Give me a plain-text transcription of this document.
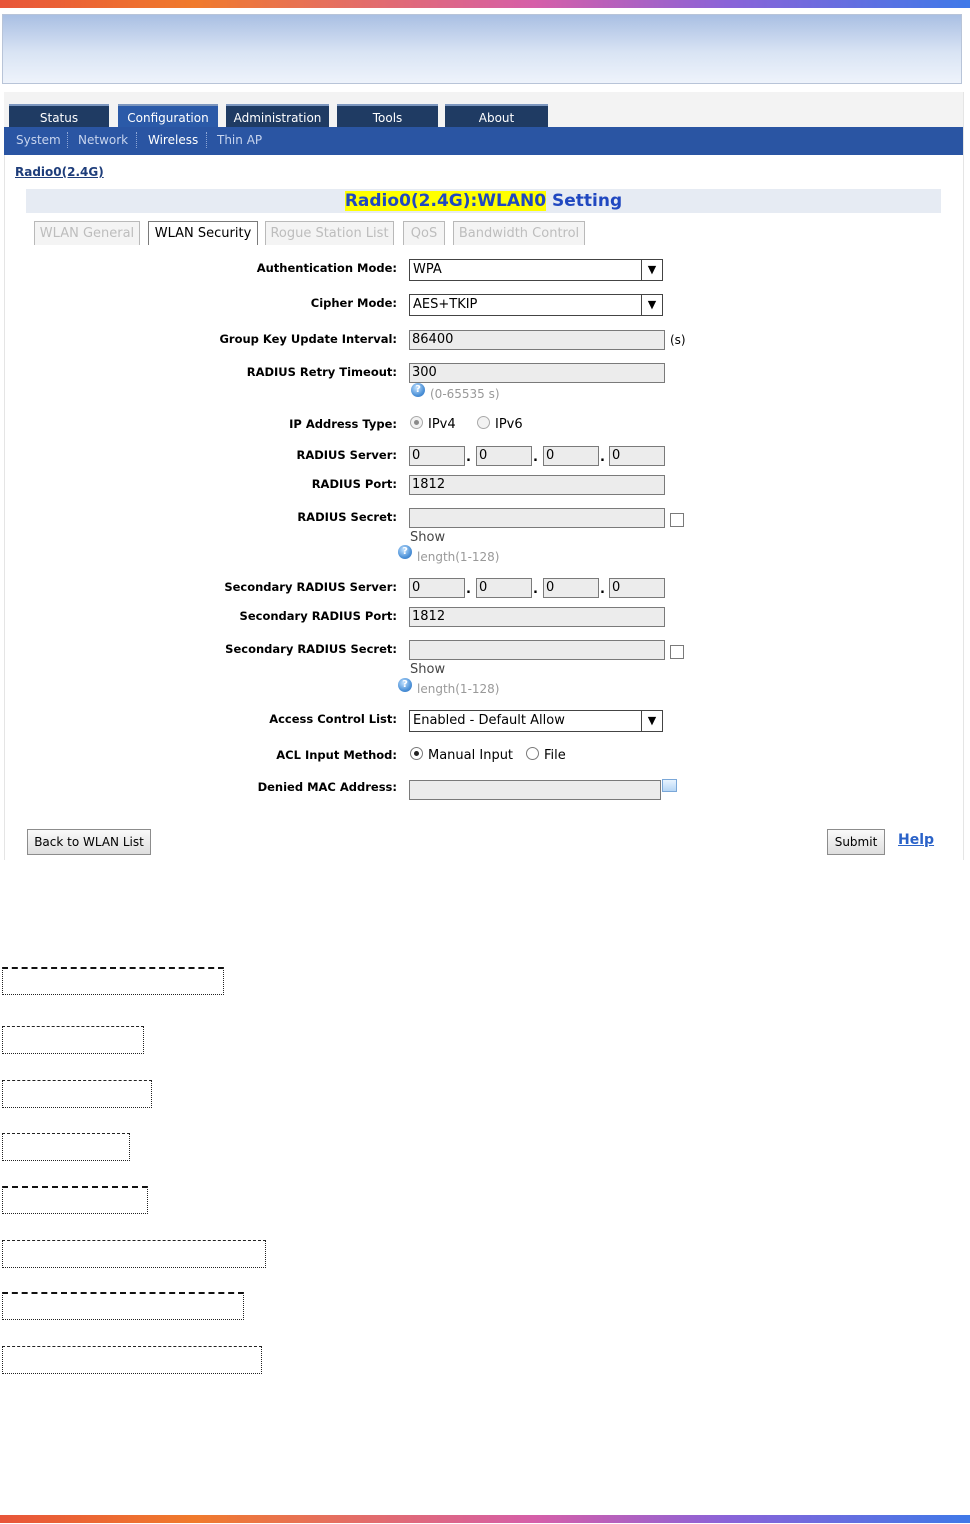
Status	Configuration	Administration	Tools	About
System Network Wireless Thin AP
Radio0(2.4G)
Radio0(2.4G):WLAN0 Setting
WLAN General	WLAN Security	Rogue Station List	QoS	Bandwidth Control
Authentication Mode:	WPA	▼
Cipher Mode:	AES+TKIP	▼
Group Key Update Interval: 86400	(s)
RADIUS Retry Timeout: 300
? (0-65535 s)
IP Address Type: IPv4	IPv6
RADIUS Server: 0	. 0	. 0	. 0
RADIUS Port: 1812
RADIUS Secret:
Show
? length(1-128)
Secondary RADIUS Server: 0	. 0	. 0	. 0
Secondary RADIUS Port: 1812
Secondary RADIUS Secret:
Show
? length(1-128)
Access Control List:	Enabled - Default Allow	▼
ACL Input Method: Manual Input File
Denied MAC Address:
Back to WLAN List	Submit	Help
